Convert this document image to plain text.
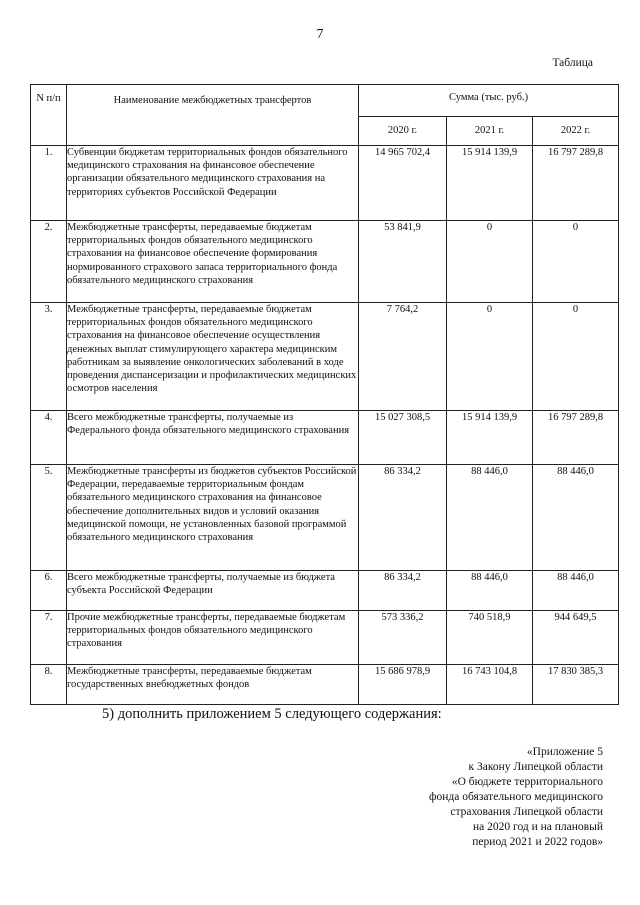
7
Таблица
N п/п	Наименование межбюджетных трансфертов	Сумма (тыс. руб.)		
		2020 г.	2021 г.	2022 г.
1.	Субвенции бюджетам территориальных фондов обязательного медицинского страхования на финансовое обеспечение организации обязательного медицинского страхования на территориях субъектов Российской Федерации	14 965 702,4	15 914 139,9	16 797 289,8
2.	Межбюджетные трансферты, передаваемые бюджетам территориальных фондов обязательного медицинского страхования на финансовое обеспечение формирования нормированного страхового запаса территориального фонда обязательного медицинского страхования	53 841,9	0	0
3.	Межбюджетные трансферты, передаваемые бюджетам территориальных фондов обязательного медицинского страхования на финансовое обеспечение осуществления денежных выплат стимулирующего характера медицинским работникам за выявление онкологических заболеваний в ходе проведения диспансеризации и профилактических медицинских осмотров населения	7 764,2	0	0
4.	Всего межбюджетные трансферты, получаемые из Федерального фонда обязательного медицинского страхования	15 027 308,5	15 914 139,9	16 797 289,8
5.	Межбюджетные трансферты из бюджетов субъектов Российской Федерации, передаваемые территориальным фондам обязательного медицинского страхования на финансовое обеспечение дополнительных видов и условий оказания медицинской помощи, не установленных базовой программой обязательного медицинского страхования	86 334,2	88 446,0	88 446,0
6.	Всего межбюджетные трансферты, получаемые из бюджета субъекта Российской Федерации	86 334,2	88 446,0	88 446,0
7.	Прочие межбюджетные трансферты, передаваемые бюджетам территориальных фондов обязательного медицинского страхования	573 336,2	740 518,9	944 649,5
8.	Межбюджетные трансферты, передаваемые бюджетам государственных внебюджетных фондов	15 686 978,9	16 743 104,8	17 830 385,3
5) дополнить приложением 5 следующего содержания:
«Приложение 5
к Закону Липецкой области
«О бюджете территориального
фонда обязательного медицинского
страхования Липецкой области
на 2020 год и на плановый
период 2021 и 2022 годов»
